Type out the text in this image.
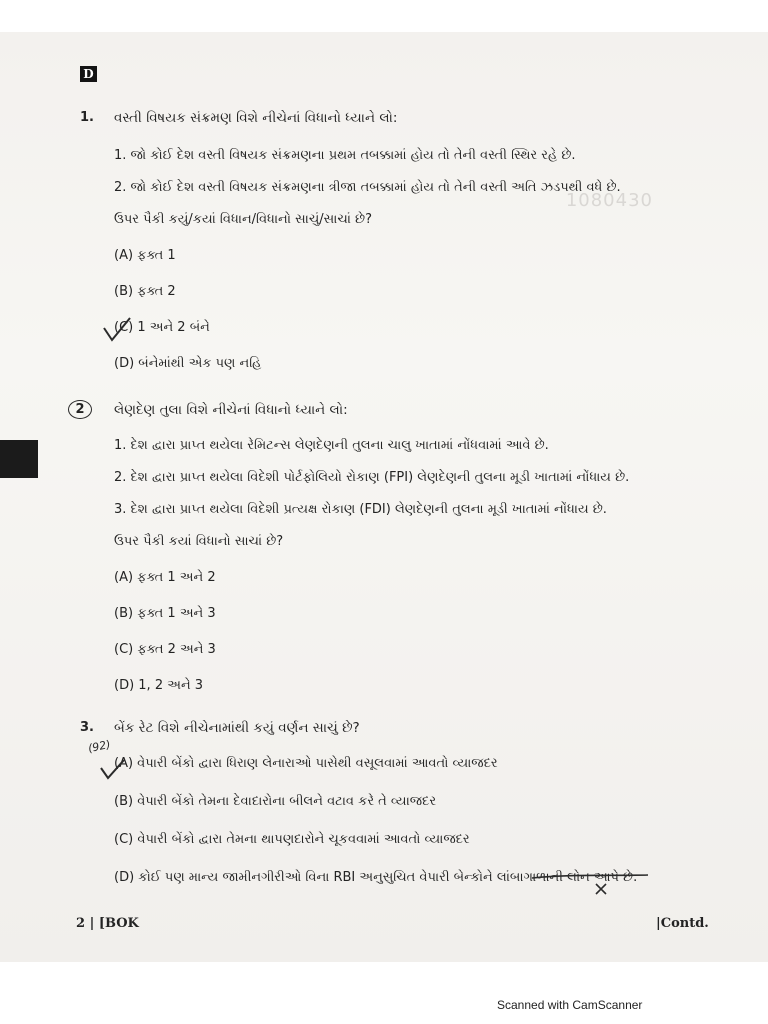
1080430
D
1.	વસ્તી વિષયક સંક્રમણ વિશે નીચેનાં વિધાનો ધ્યાને લો:
1. જો કોઈ દેશ વસ્તી વિષયક સંક્રમણના પ્રથમ તબક્કામાં હોય તો તેની વસ્તી સ્થિર રહે છે.
2. જો કોઈ દેશ વસ્તી વિષયક સંક્રમણના ત્રીજા તબક્કામાં હોય તો તેની વસ્તી અતિ ઝડપથી વધે છે.
ઉપર પૈકી કયું/કયાં વિધાન/વિધાનો સાચું/સાચાં છે?
(A) ફક્ત 1
(B) ફક્ત 2
(C) 1 અને 2 બંને
(D) બંનેમાંથી એક પણ નહિ
2	લેણદેણ તુલા વિશે નીચેનાં વિધાનો ધ્યાને લો:
1. દેશ દ્વારા પ્રાપ્ત થયેલા રેમિટન્સ લેણદેણની તુલના ચાલુ ખાતામાં નોંધવામાં આવે છે.
2. દેશ દ્વારા પ્રાપ્ત થયેલા વિદેશી પોર્ટફોલિયો રોકાણ (FPI) લેણદેણની તુલના મૂડી ખાતામાં નોંધાય છે.
3. દેશ દ્વારા પ્રાપ્ત થયેલા વિદેશી પ્રત્યક્ષ રોકાણ (FDI) લેણદેણની તુલના મૂડી ખાતામાં નોંધાય છે.
ઉપર પૈકી કયાં વિધાનો સાચાં છે?
(A) ફક્ત 1 અને 2
(B) ફક્ત 1 અને 3
(C) ફક્ત 2 અને 3
(D) 1, 2 અને 3
3.	બેંક રેટ વિશે નીચેનામાંથી કયું વર્ણન સાચું છે?
(A) વેપારી બેંકો દ્વારા ધિરાણ લેનારાઓ પાસેથી વસૂલવામાં આવતો વ્યાજદર
(B) વેપારી બેંકો તેમના દેવાદારોના બીલને વટાવ કરે તે વ્યાજદર
(C) વેપારી બેંકો દ્વારા તેમના થાપણદારોને ચૂકવવામાં આવતો વ્યાજદર
(D) કોઈ પણ માન્ય જામીનગીરીઓ વિના RBI અનુસુચિત વેપારી બેન્કોને લાંબાગાળાની લોન આપે છે.
(92)
2 | [BOK	|Contd.
Scanned with CamScanner
